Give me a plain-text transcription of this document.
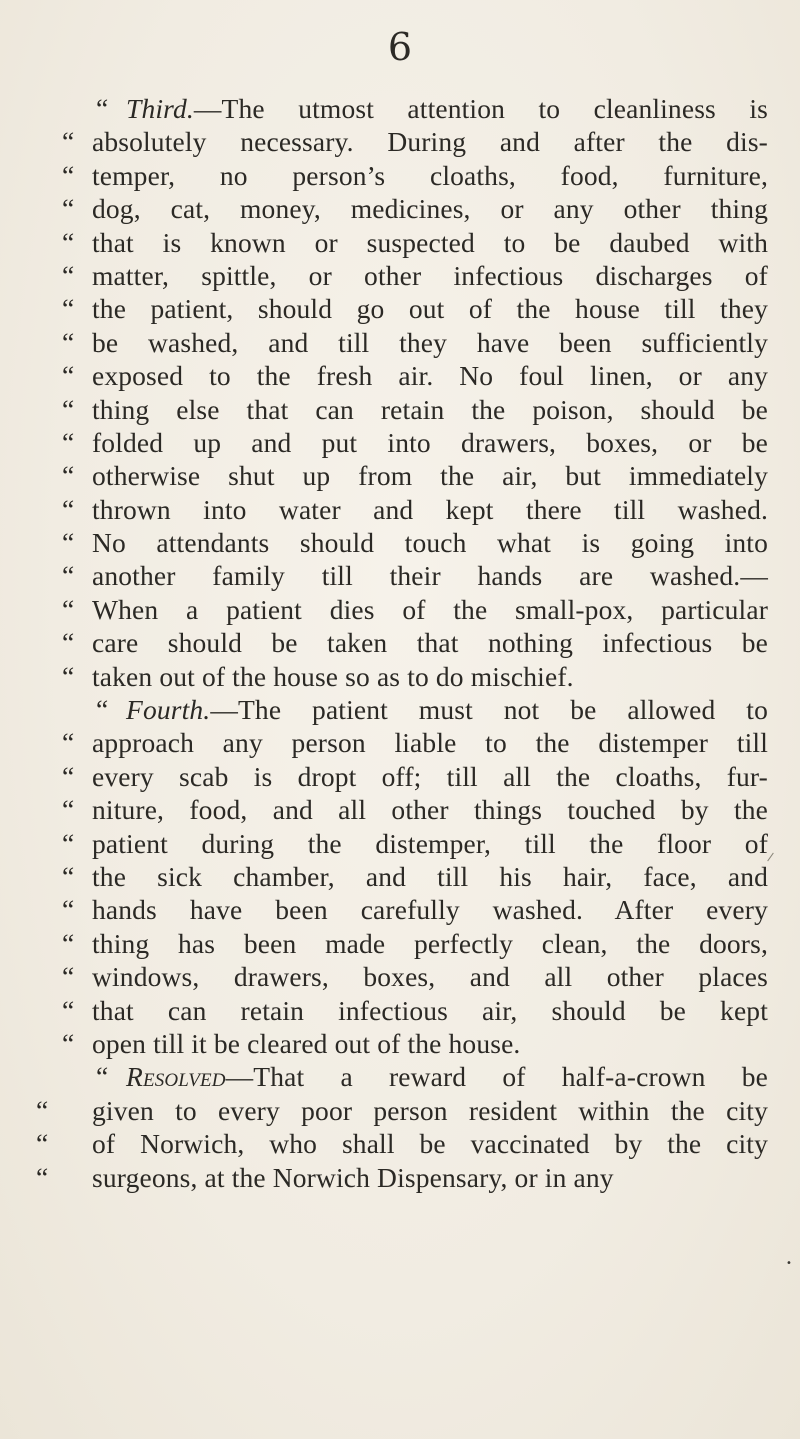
6
“ Third.—The utmost attention to cleanliness is
“ absolutely necessary. During and after the dis-
“ temper, no person’s cloaths, food, furniture,
“ dog, cat, money, medicines, or any other thing
“ that is known or suspected to be daubed with
“ matter, spittle, or other infectious discharges of
“ the patient, should go out of the house till they
“ be washed, and till they have been sufficiently
“ exposed to the fresh air. No foul linen, or any
“ thing else that can retain the poison, should be
“ folded up and put into drawers, boxes, or be
“ otherwise shut up from the air, but immediately
“ thrown into water and kept there till washed.
“ No attendants should touch what is going into
“ another family till their hands are washed.—
“ When a patient dies of the small-pox, particular
“ care should be taken that nothing infectious be
“ taken out of the house so as to do mischief.
“ Fourth.—The patient must not be allowed to
“ approach any person liable to the distemper till
“ every scab is dropt off; till all the cloaths, fur-
“ niture, food, and all other things touched by the
“ patient during the distemper, till the floor of
“ the sick chamber, and till his hair, face, and
“ hands have been carefully washed. After every
“ thing has been made perfectly clean, the doors,
“ windows, drawers, boxes, and all other places
“ that can retain infectious air, should be kept
“ open till it be cleared out of the house.
“ Resolved—That a reward of half-a-crown be
“ given to every poor person resident within the city
“ of Norwich, who shall be vaccinated by the city
“ surgeons, at the Norwich Dispensary, or in any
•
